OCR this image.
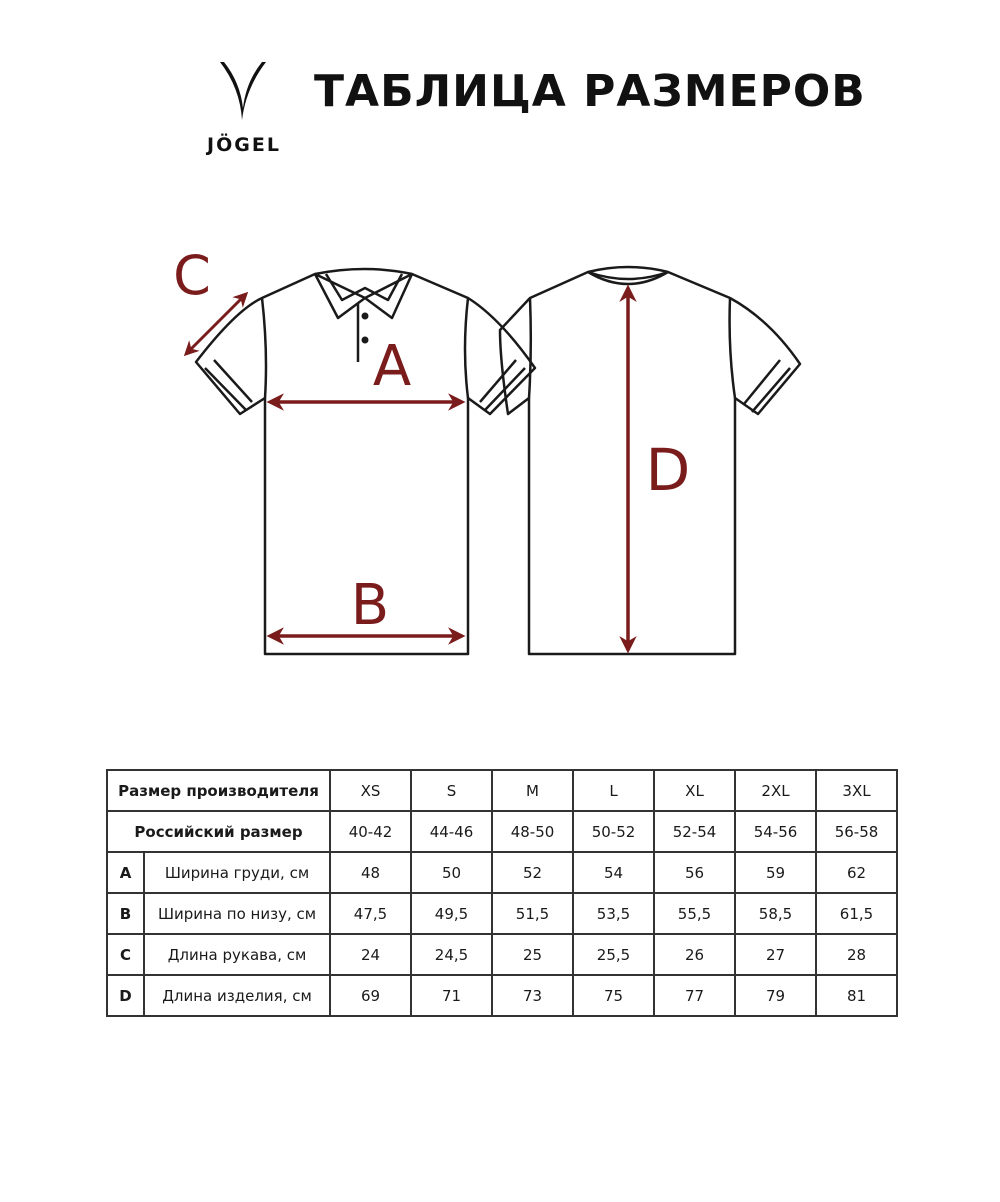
JÖGEL
ТАБЛИЦА РАЗМЕРОВ
A
B
C
D
Размер производителя		XS	S	M	L	XL	2XL	3XL
Российский размер		40-42	44-46	48-50	50-52	52-54	54-56	56-58
A	Ширина груди, см	48	50	52	54	56	59	62
B	Ширина по низу, см	47,5	49,5	51,5	53,5	55,5	58,5	61,5
C	Длина рукава, см	24	24,5	25	25,5	26	27	28
D	Длина изделия, см	69	71	73	75	77	79	81
